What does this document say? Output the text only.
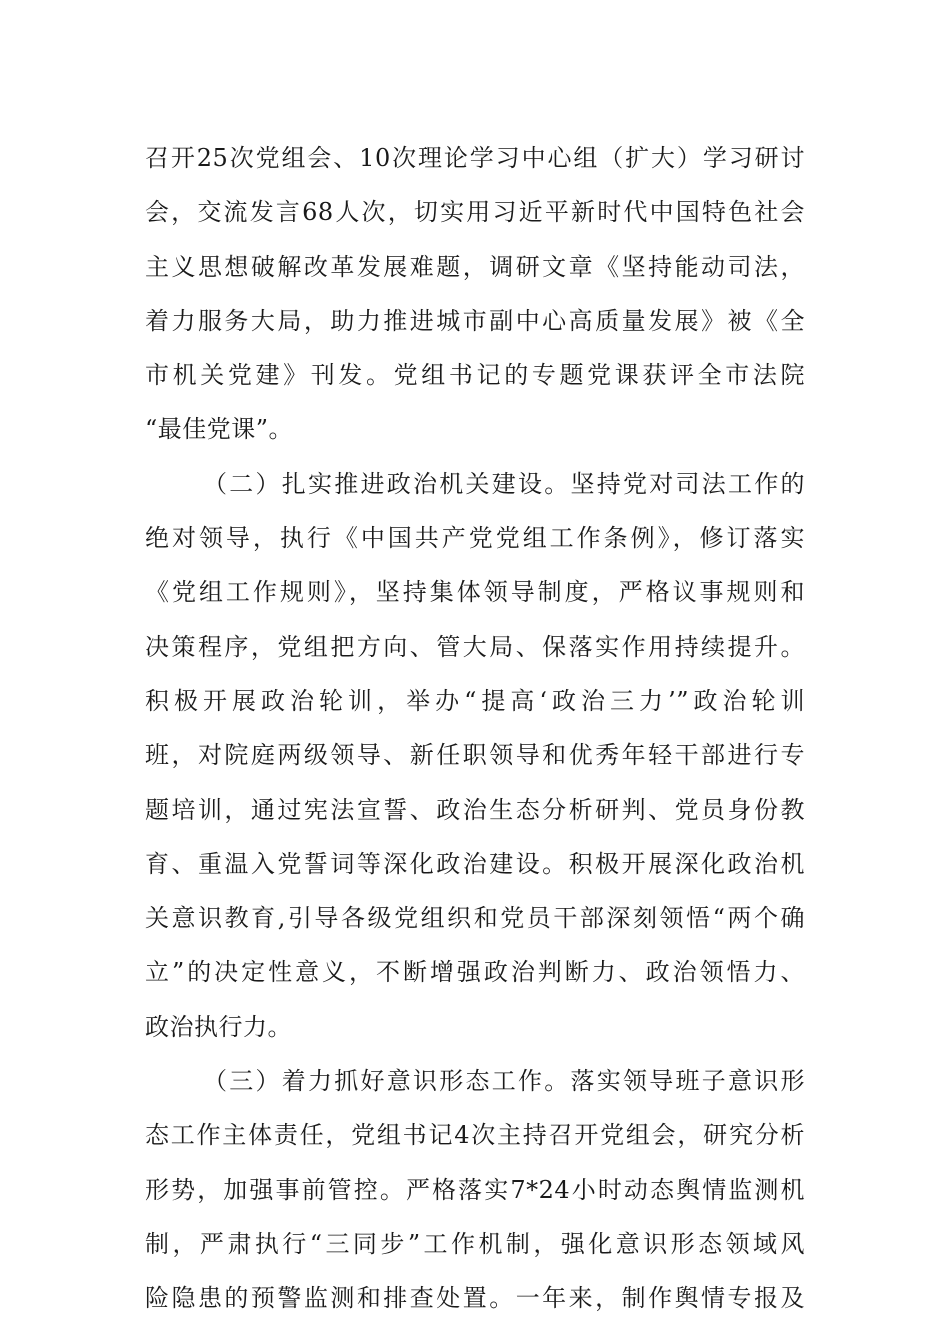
召开25次党组会、10次理论学习中心组（扩大）学习研讨
会，交流发言68人次，切实用习近平新时代中国特色社会
主义思想破解改革发展难题，调研文章《坚持能动司法，
着力服务大局，助力推进城市副中心高质量发展》被《全
市机关党建》刊发。党组书记的专题党课获评全市法院
“最佳党课”。
（二）扎实推进政治机关建设。坚持党对司法工作的
绝对领导，执行《中国共产党党组工作条例》，修订落实
《党组工作规则》，坚持集体领导制度，严格议事规则和
决策程序，党组把方向、管大局、保落实作用持续提升。
积极开展政治轮训，举办“提高‘政治三力’”政治轮训
班，对院庭两级领导、新任职领导和优秀年轻干部进行专
题培训，通过宪法宣誓、政治生态分析研判、党员身份教
育、重温入党誓词等深化政治建设。积极开展深化政治机
关意识教育,引导各级党组织和党员干部深刻领悟“两个确
立”的决定性意义，不断增强政治判断力、政治领悟力、
政治执行力。
（三）着力抓好意识形态工作。落实领导班子意识形
态工作主体责任，党组书记4次主持召开党组会，研究分析
形势，加强事前管控。严格落实7*24小时动态舆情监测机
制，严肃执行“三同步”工作机制，强化意识形态领域风
险隐患的预警监测和排查处置。一年来，制作舆情专报及
